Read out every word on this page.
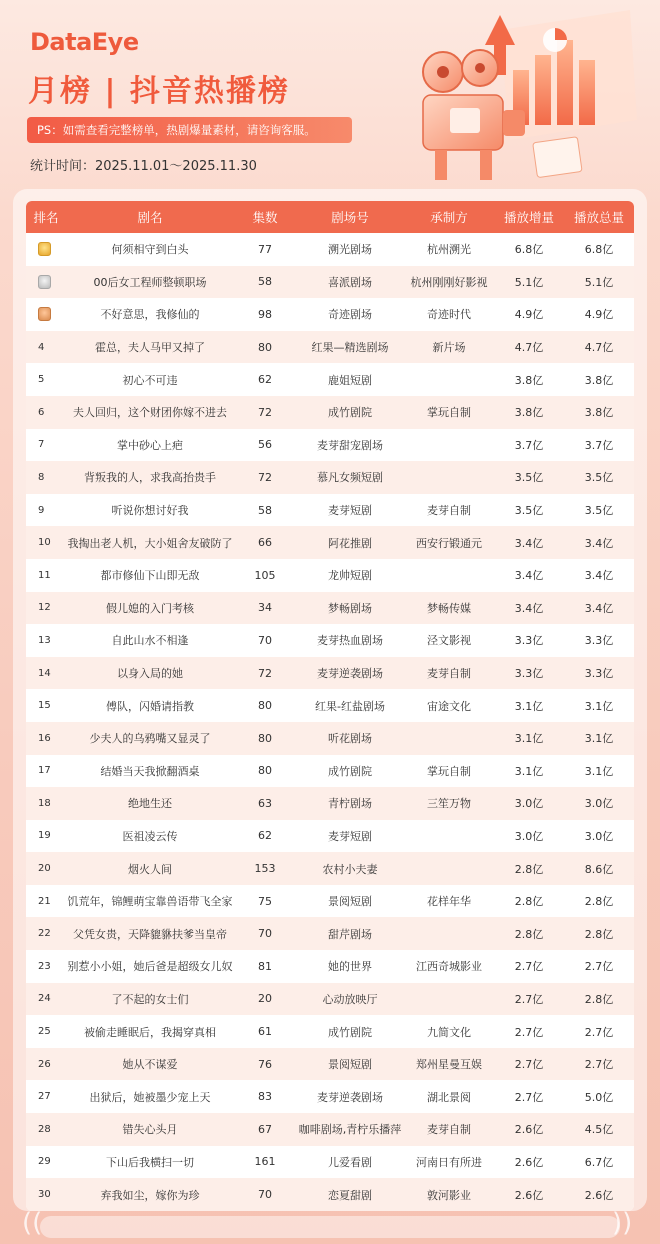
DataEye
月榜 | 抖音热播榜
PS：如需查看完整榜单，热剧爆量素材，请咨询客服。
统计时间：2025.11.01～2025.11.30
排名	剧名	集数	剧场号	承制方	播放增量	播放总量
	何须相守到白头	77	溯光剧场	杭州溯光	6.8亿	6.8亿
	00后女工程师整顿职场	58	喜派剧场	杭州刚刚好影视	5.1亿	5.1亿
	不好意思，我修仙的	98	奇迹剧场	奇迹时代	4.9亿	4.9亿
4	霍总，夫人马甲又掉了	80	红果—精选剧场	新片场	4.7亿	4.7亿
5	初心不可违	62	鹿姐短剧		3.8亿	3.8亿
6	夫人回归，这个财团你嫁不进去	72	成竹剧院	掌玩自制	3.8亿	3.8亿
7	掌中砂心上疤	56	麦芽甜宠剧场		3.7亿	3.7亿
8	背叛我的人，求我高抬贵手	72	慕凡女频短剧		3.5亿	3.5亿
9	听说你想讨好我	58	麦芽短剧	麦芽自制	3.5亿	3.5亿
10	我掏出老人机，大小姐舍友破防了	66	阿花推剧	西安行锻通元	3.4亿	3.4亿
11	都市修仙下山即无敌	105	龙帅短剧		3.4亿	3.4亿
12	假儿媳的入门考核	34	梦畅剧场	梦畅传媒	3.4亿	3.4亿
13	自此山水不相逢	70	麦芽热血剧场	泾文影视	3.3亿	3.3亿
14	以身入局的她	72	麦芽逆袭剧场	麦芽自制	3.3亿	3.3亿
15	傅队，闪婚请指教	80	红果-红盐剧场	宙途文化	3.1亿	3.1亿
16	少夫人的乌鸦嘴又显灵了	80	听花剧场		3.1亿	3.1亿
17	结婚当天我掀翻酒桌	80	成竹剧院	掌玩自制	3.1亿	3.1亿
18	绝地生还	63	青柠剧场	三笙万物	3.0亿	3.0亿
19	医祖凌云传	62	麦芽短剧		3.0亿	3.0亿
20	烟火人间	153	农村小夫妻		2.8亿	8.6亿
21	饥荒年，锦鲤萌宝靠兽语带飞全家	75	景阅短剧	花样年华	2.8亿	2.8亿
22	父凭女贵，天降貔貅扶爹当皇帝	70	甜芹剧场		2.8亿	2.8亿
23	别惹小小姐，她后爸是超级女儿奴	81	她的世界	江西奇城影业	2.7亿	2.7亿
24	了不起的女士们	20	心动放映厅		2.7亿	2.8亿
25	被偷走睡眠后，我揭穿真相	61	成竹剧院	九简文化	2.7亿	2.7亿
26	她从不谋爱	76	景阅短剧	郑州星曼互娱	2.7亿	2.7亿
27	出狱后，她被墨少宠上天	83	麦芽逆袭剧场	湖北景阅	2.7亿	5.0亿
28	错失心头月	67	咖啡剧场,青柠乐播萍	麦芽自制	2.6亿	4.5亿
29	下山后我横扫一切	161	儿爱看剧	河南日有所进	2.6亿	6.7亿
30	弃我如尘，嫁你为珍	70	恋夏甜剧	敦河影业	2.6亿	2.6亿
((	))
